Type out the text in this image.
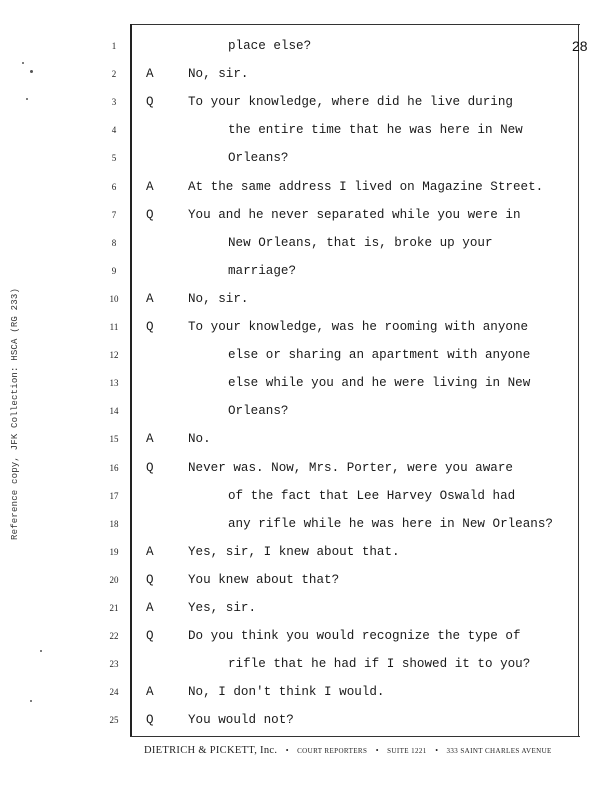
28
Reference copy, JFK Collection: HSCA (RG 233)
1	place else?
2	A	No, sir.
3	Q	To your knowledge, where did he live during
4	the entire time that he was here in New
5	Orleans?
6	A	At the same address I lived on Magazine Street.
7	Q	You and he never separated while you were in
8	New Orleans, that is, broke up your
9	marriage?
10	A	No, sir.
11	Q	To your knowledge, was he rooming with anyone
12	else or sharing an apartment with anyone
13	else while you and he were living in New
14	Orleans?
15	A	No.
16	Q	Never was. Now, Mrs. Porter, were you aware
17	of the fact that Lee Harvey Oswald had
18	any rifle while he was here in New Orleans?
19	A	Yes, sir, I knew about that.
20	Q	You knew about that?
21	A	Yes, sir.
22	Q	Do you think you would recognize the type of
23	rifle that he had if I showed it to you?
24	A	No, I don't think I would.
25	Q	You would not?
DIETRICH & PICKETT, Inc. • COURT REPORTERS • SUITE 1221 • 333 SAINT CHARLES AVENUE
